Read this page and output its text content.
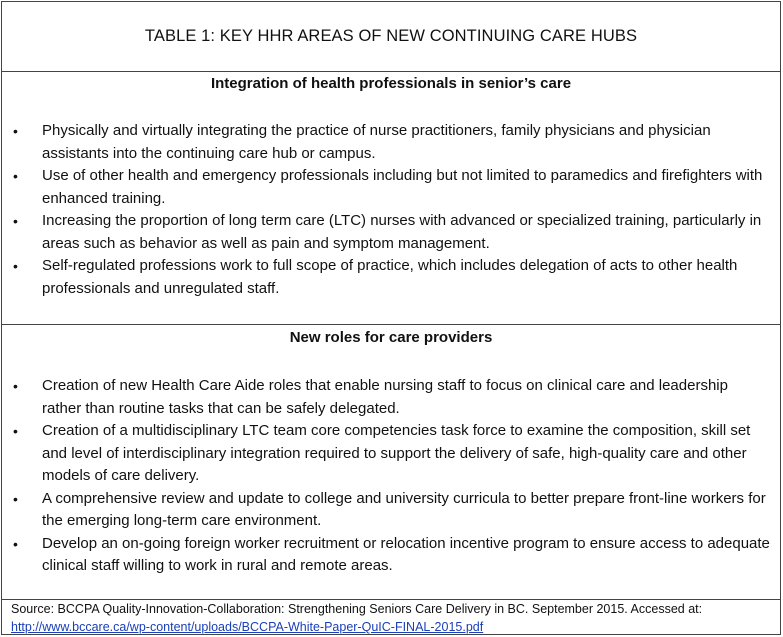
TABLE 1: KEY HHR AREAS OF NEW CONTINUING CARE HUBS
Integration of health professionals in senior’s care
• Physically and virtually integrating the practice of nurse practitioners, family physicians and physician assistants into the continuing care hub or campus.
• Use of other health and emergency professionals including but not limited to paramedics and firefighters with enhanced training.
• Increasing the proportion of long term care (LTC) nurses with advanced or specialized training, particularly in areas such as behavior as well as pain and symptom management.
• Self-regulated professions work to full scope of practice, which includes delegation of acts to other health professionals and unregulated staff.
New roles for care providers
• Creation of new Health Care Aide roles that enable nursing staff to focus on clinical care and leadership rather than routine tasks that can be safely delegated.
• Creation of a multidisciplinary LTC team core competencies task force to examine the composition, skill set and level of interdisciplinary integration required to support the delivery of safe, high-quality care and other models of care delivery.
• A comprehensive review and update to college and university curricula to better prepare front-line workers for the emerging long-term care environment.
• Develop an on-going foreign worker recruitment or relocation incentive program to ensure access to adequate clinical staff willing to work in rural and remote areas.
Source: BCCPA Quality-Innovation-Collaboration: Strengthening Seniors Care Delivery in BC. September 2015. Accessed at:
http://www.bccare.ca/wp-content/uploads/BCCPA-White-Paper-QuIC-FINAL-2015.pdf
